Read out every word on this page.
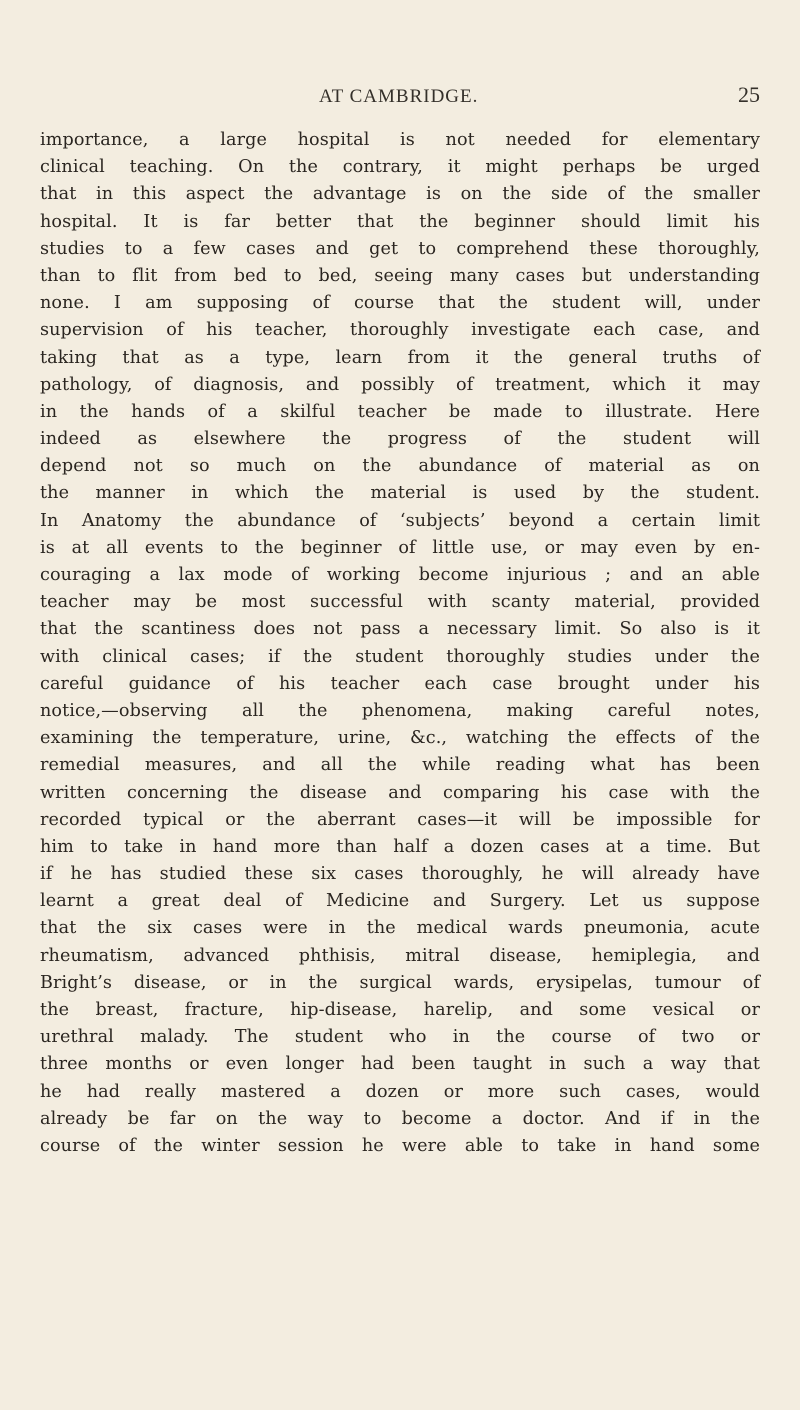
AT CAMBRIDGE.	25
importance, a large hospital is not needed for elementary
clinical teaching. On the contrary, it might perhaps be urged
that in this aspect the advantage is on the side of the smaller
hospital. It is far better that the beginner should limit his
studies to a few cases and get to comprehend these thoroughly,
than to flit from bed to bed, seeing many cases but understanding
none. I am supposing of course that the student will, under
supervision of his teacher, thoroughly investigate each case, and
taking that as a type, learn from it the general truths of
pathology, of diagnosis, and possibly of treatment, which it may
in the hands of a skilful teacher be made to illustrate. Here
indeed as elsewhere the progress of the student will
depend not so much on the abundance of material as on
the manner in which the material is used by the student.
In Anatomy the abundance of ‘subjects’ beyond a certain limit
is at all events to the beginner of little use, or may even by en-
couraging a lax mode of working become injurious ; and an able
teacher may be most successful with scanty material, provided
that the scantiness does not pass a necessary limit. So also is it
with clinical cases; if the student thoroughly studies under the
careful guidance of his teacher each case brought under his
notice,—observing all the phenomena, making careful notes,
examining the temperature, urine, &c., watching the effects of the
remedial measures, and all the while reading what has been
written concerning the disease and comparing his case with the
recorded typical or the aberrant cases—it will be impossible for
him to take in hand more than half a dozen cases at a time. But
if he has studied these six cases thoroughly, he will already have
learnt a great deal of Medicine and Surgery. Let us suppose
that the six cases were in the medical wards pneumonia, acute
rheumatism, advanced phthisis, mitral disease, hemiplegia, and
Bright’s disease, or in the surgical wards, erysipelas, tumour of
the breast, fracture, hip-disease, harelip, and some vesical or
urethral malady. The student who in the course of two or
three months or even longer had been taught in such a way that
he had really mastered a dozen or more such cases, would
already be far on the way to become a doctor. And if in the
course of the winter session he were able to take in hand some
